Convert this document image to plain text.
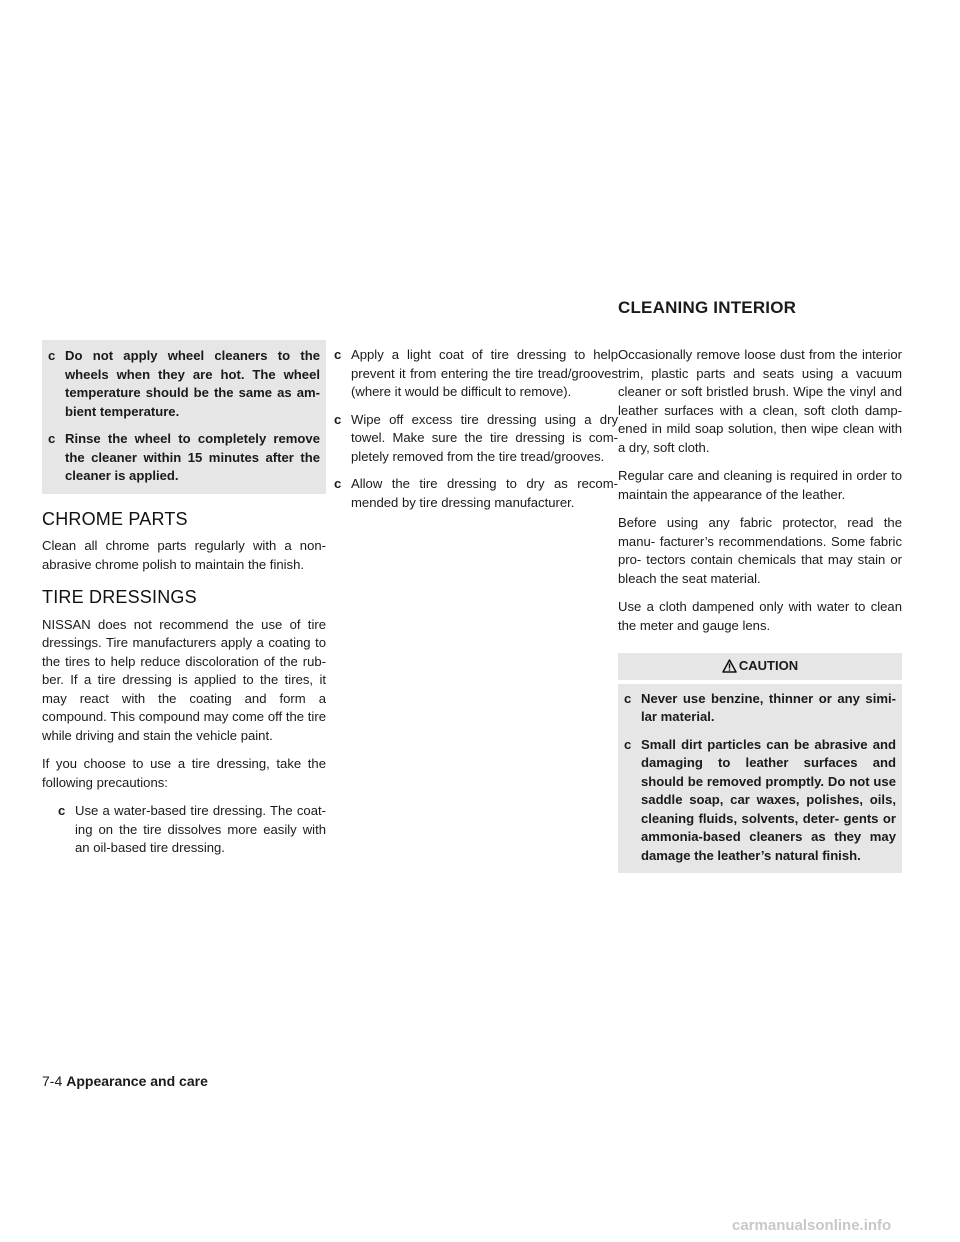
CLEANING INTERIOR
c Do not apply wheel cleaners to the wheels when they are hot. The wheel temperature should be the same as am- bient temperature.
c Rinse the wheel to completely remove the cleaner within 15 minutes after the cleaner is applied.
CHROME PARTS

Clean all chrome parts regularly with a non- abrasive chrome polish to maintain the finish.

TIRE DRESSINGS

NISSAN does not recommend the use of tire dressings. Tire manufacturers apply a coating to the tires to help reduce discoloration of the rub- ber. If a tire dressing is applied to the tires, it may react with the coating and form a compound. This compound may come off the tire while driving and stain the vehicle paint.

If you choose to use a tire dressing, take the following precautions:

c Use a water-based tire dressing. The coat- ing on the tire dissolves more easily with an oil-based tire dressing.
c Apply a light coat of tire dressing to help prevent it from entering the tire tread/grooves (where it would be difficult to remove).
c Wipe off excess tire dressing using a dry towel. Make sure the tire dressing is com- pletely removed from the tire tread/grooves.
c Allow the tire dressing to dry as recom- mended by tire dressing manufacturer.

Occasionally remove loose dust from the interior trim, plastic parts and seats using a vacuum cleaner or soft bristled brush. Wipe the vinyl and leather surfaces with a clean, soft cloth damp- ened in mild soap solution, then wipe clean with a dry, soft cloth.

Regular care and cleaning is required in order to maintain the appearance of the leather.

Before using any fabric protector, read the manu- facturer’s recommendations. Some fabric pro- tectors contain chemicals that may stain or bleach the seat material.

Use a cloth dampened only with water to clean the meter and gauge lens.

CAUTION
c Never use benzine, thinner or any simi- lar material.
c Small dirt particles can be abrasive and damaging to leather surfaces and should be removed promptly. Do not use saddle soap, car waxes, polishes, oils, cleaning fluids, solvents, deter- gents or ammonia-based cleaners as they may damage the leather’s natural finish.
7-4 Appearance and care
carmanualsonline.info
